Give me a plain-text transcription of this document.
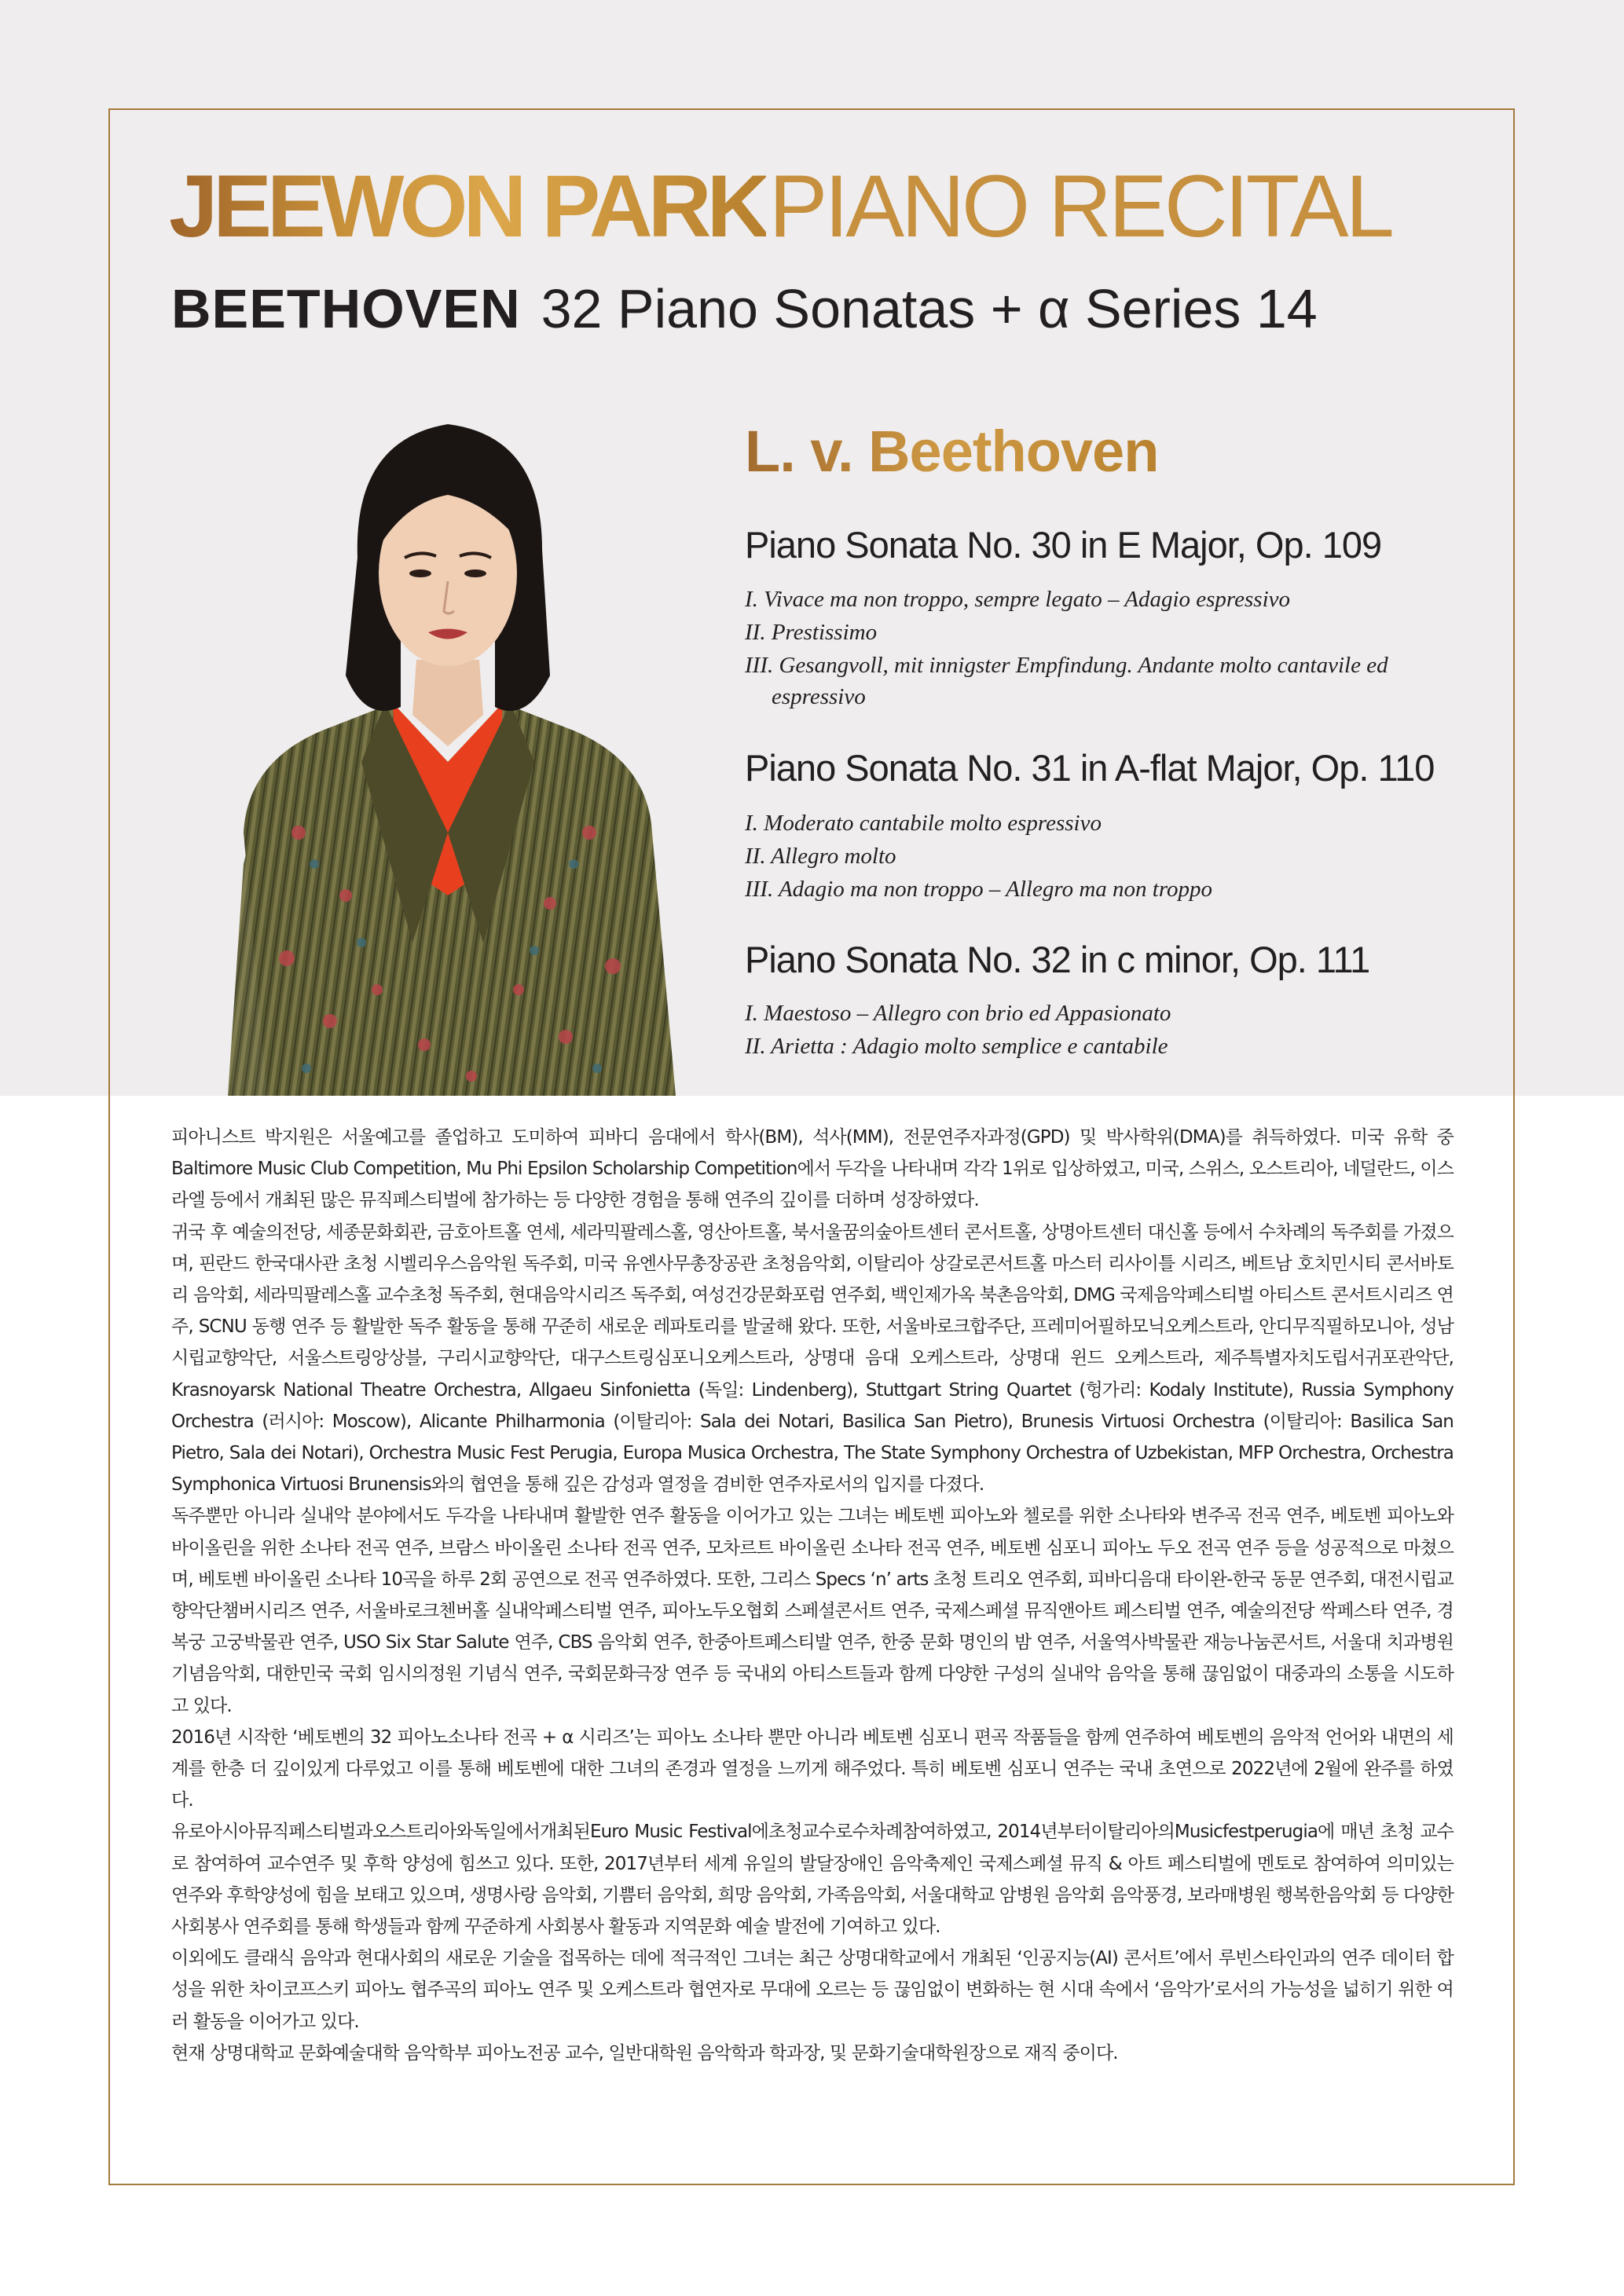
JEEWON PARKPIANO RECITAL
BEETHOVEN 32 Piano Sonatas + α Series 14
L. v. Beethoven
Piano Sonata No. 30 in E Major, Op. 109
I. Vivace ma non troppo, sempre legato – Adagio espressivo
II. Prestissimo
III. Gesangvoll, mit innigster Empfindung. Andante molto cantavile ed
espressivo
Piano Sonata No. 31 in A-flat Major, Op. 110
I. Moderato cantabile molto espressivo
II. Allegro molto
III. Adagio ma non troppo – Allegro ma non troppo
Piano Sonata No. 32 in c minor, Op. 111
I. Maestoso – Allegro con brio ed Appasionato
II. Arietta : Adagio molto semplice e cantabile

피아니스트 박지원은 서울예고를 졸업하고 도미하여 피바디 음대에서 학사(BM), 석사(MM), 전문연주자과정(GPD) 및 박사학위(DMA)를 취득하였다. 미국 유학 중 Baltimore Music Club Competition, Mu Phi Epsilon Scholarship Competition에서 두각을 나타내며 각각 1위로 입상하였고, 미국, 스위스, 오스트리아, 네덜란드, 이스라엘 등에서 개최된 많은 뮤직페스티벌에 참가하는 등 다양한 경험을 통해 연주의 깊이를 더하며 성장하였다.

귀국 후 예술의전당, 세종문화회관, 금호아트홀 연세, 세라믹팔레스홀, 영산아트홀, 북서울꿈의숲아트센터 콘서트홀, 상명아트센터 대신홀 등에서 수차례의 독주회를 가졌으며, 핀란드 한국대사관 초청 시벨리우스음악원 독주회, 미국 유엔사무총장공관 초청음악회, 이탈리아 상갈로콘서트홀 마스터 리사이틀 시리즈, 베트남 호치민시티 콘서바토리 음악회, 세라믹팔레스홀 교수초청 독주회, 현대음악시리즈 독주회, 여성건강문화포럼 연주회, 백인제가옥 북촌음악회, DMG 국제음악페스티벌 아티스트 콘서트시리즈 연주, SCNU 동행 연주 등 활발한 독주 활동을 통해 꾸준히 새로운 레파토리를 발굴해 왔다. 또한, 서울바로크합주단, 프레미어필하모닉오케스트라, 안디무직필하모니아, 성남시립교향악단, 서울스트링앙상블, 구리시교향악단, 대구스트링심포니오케스트라, 상명대 음대 오케스트라, 상명대 윈드 오케스트라, 제주특별자치도립서귀포관악단, Krasnoyarsk National Theatre Orchestra, Allgaeu Sinfonietta (독일: Lindenberg), Stuttgart String Quartet (헝가리: Kodaly Institute), Russia Symphony Orchestra (러시아: Moscow), Alicante Philharmonia (이탈리아: Sala dei Notari, Basilica San Pietro), Brunesis Virtuosi Orchestra (이탈리아: Basilica San Pietro, Sala dei Notari), Orchestra Music Fest Perugia, Europa Musica Orchestra, The State Symphony Orchestra of Uzbekistan, MFP Orchestra, Orchestra Symphonica Virtuosi Brunensis와의 협연을 통해 깊은 감성과 열정을 겸비한 연주자로서의 입지를 다졌다.

독주뿐만 아니라 실내악 분야에서도 두각을 나타내며 활발한 연주 활동을 이어가고 있는 그녀는 베토벤 피아노와 첼로를 위한 소나타와 변주곡 전곡 연주, 베토벤 피아노와 바이올린을 위한 소나타 전곡 연주, 브람스 바이올린 소나타 전곡 연주, 모차르트 바이올린 소나타 전곡 연주, 베토벤 심포니 피아노 두오 전곡 연주 등을 성공적으로 마쳤으며, 베토벤 바이올린 소나타 10곡을 하루 2회 공연으로 전곡 연주하였다. 또한, 그리스 Specs ‘n’ arts 초청 트리오 연주회, 피바디음대 타이완-한국 동문 연주회, 대전시립교향악단챔버시리즈 연주, 서울바로크첸버홀 실내악페스티벌 연주, 피아노두오협회 스페셜콘서트 연주, 국제스페셜 뮤직앤아트 페스티벌 연주, 예술의전당 싹페스타 연주, 경복궁 고궁박물관 연주, USO Six Star Salute 연주, CBS 음악회 연주, 한중아트페스티발 연주, 한중 문화 명인의 밤 연주, 서울역사박물관 재능나눔콘서트, 서울대 치과병원 기념음악회, 대한민국 국회 임시의정원 기념식 연주, 국회문화극장 연주 등 국내외 아티스트들과 함께 다양한 구성의 실내악 음악을 통해 끊임없이 대중과의 소통을 시도하고 있다.

2016년 시작한 ‘베토벤의 32 피아노소나타 전곡 + α 시리즈’는 피아노 소나타 뿐만 아니라 베토벤 심포니 편곡 작품들을 함께 연주하여 베토벤의 음악적 언어와 내면의 세계를 한층 더 깊이있게 다루었고 이를 통해 베토벤에 대한 그녀의 존경과 열정을 느끼게 해주었다. 특히 베토벤 심포니 연주는 국내 초연으로 2022년에 2월에 완주를 하였다.

유로아시아뮤직페스티벌과오스트리아와독일에서개최된Euro Music Festival에초청교수로수차례참여하였고, 2014년부터이탈리아의Musicfestperugia에 매년 초청 교수로 참여하여 교수연주 및 후학 양성에 힘쓰고 있다. 또한, 2017년부터 세계 유일의 발달장애인 음악축제인 국제스페셜 뮤직 & 아트 페스티벌에 멘토로 참여하여 의미있는 연주와 후학양성에 힘을 보태고 있으며, 생명사랑 음악회, 기쁨터 음악회, 희망 음악회, 가족음악회, 서울대학교 암병원 음악회 음악풍경, 보라매병원 행복한음악회 등 다양한 사회봉사 연주회를 통해 학생들과 함께 꾸준하게 사회봉사 활동과 지역문화 예술 발전에 기여하고 있다.

이외에도 클래식 음악과 현대사회의 새로운 기술을 접목하는 데에 적극적인 그녀는 최근 상명대학교에서 개최된 ‘인공지능(AI) 콘서트’에서 루빈스타인과의 연주 데이터 합성을 위한 차이코프스키 피아노 협주곡의 피아노 연주 및 오케스트라 협연자로 무대에 오르는 등 끊임없이 변화하는 현 시대 속에서 ‘음악가’로서의 가능성을 넓히기 위한 여러 활동을 이어가고 있다.

현재 상명대학교 문화예술대학 음악학부 피아노전공 교수, 일반대학원 음악학과 학과장, 및 문화기술대학원장으로 재직 중이다.
